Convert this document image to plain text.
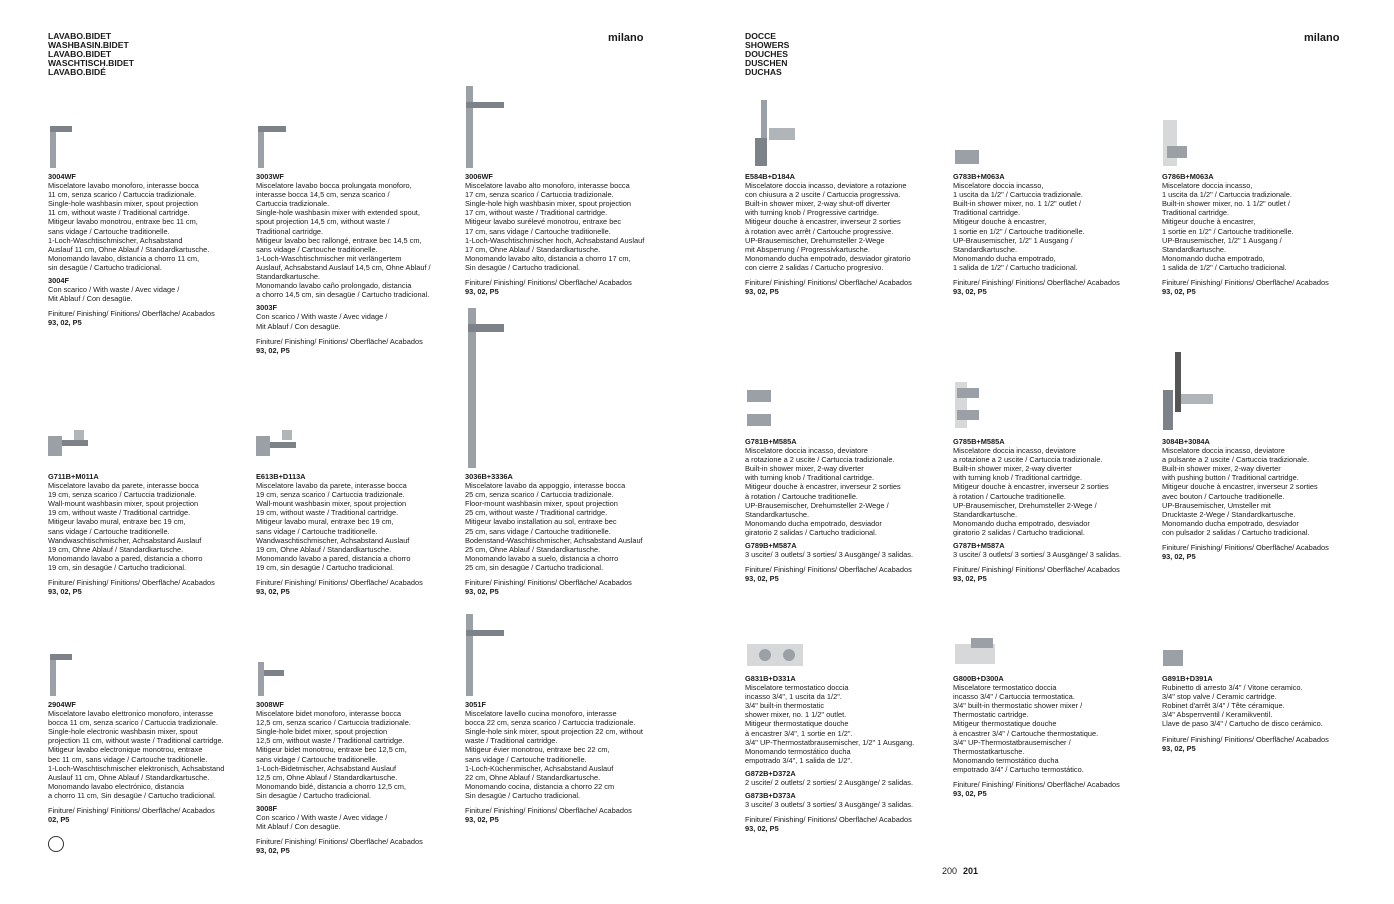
LAVABO.BIDET
WASHBASIN.BIDET
LAVABO.BIDET
WASCHTISCH.BIDET
LAVABO.BIDÉ
milano	DOCCE
SHOWERS
DOUCHES
DUSCHEN
DUCHAS
milano
3004WF
Miscelatore lavabo monoforo, interasse bocca
11 cm, senza scarico / Cartuccia tradizionale.
Single-hole washbasin mixer, spout projection
11 cm, without waste / Traditional cartridge.
Mitigeur lavabo monotrou, entraxe bec 11 cm,
sans vidage / Cartouche traditionelle.
1-Loch-Waschtischmischer, Achsabstand
Auslauf 11 cm, Ohne Ablauf / Standardkartusche.
Monomando lavabo, distancia a chorro 11 cm,
sin desagüe / Cartucho tradicional.
3004F
Con scarico / With waste / Avec vidage /
Mit Ablauf / Con desagüe.
Finiture/ Finishing/ Finitions/ Oberfläche/ Acabados
93, 02, P5
3003WF
Miscelatore lavabo bocca prolungata monoforo,
interasse bocca 14,5 cm, senza scarico /
Cartuccia tradizionale.
Single-hole washbasin mixer with extended spout,
spout projection 14,5 cm, without waste /
Traditional cartridge.
Mitigeur lavabo bec rallongé, entraxe bec 14,5 cm,
sans vidage / Cartouche traditionelle.
1-Loch-Waschtischmischer mit verlängertem
Auslauf, Achsabstand Auslauf 14,5 cm, Ohne Ablauf /
Standardkartusche.
Monomando lavabo caño prolongado, distancia
a chorro 14,5 cm, sin desagüe / Cartucho tradicional.
3003F
Con scarico / With waste / Avec vidage /
Mit Ablauf / Con desagüe.
Finiture/ Finishing/ Finitions/ Oberfläche/ Acabados
93, 02, P5
3006WF
Miscelatore lavabo alto monoforo, interasse bocca
17 cm, senza scarico / Cartuccia tradizionale.
Single-hole high washbasin mixer, spout projection
17 cm, without waste / Traditional cartridge.
Mitigeur lavabo surélevé monotrou, entraxe bec
17 cm, sans vidage / Cartouche traditionelle.
1-Loch-Waschtischmischer hoch, Achsabstand Auslauf
17 cm, Ohne Ablauf / Standardkartusche.
Monomando lavabo alto, distancia a chorro 17 cm,
Sin desagüe / Cartucho tradicional.
Finiture/ Finishing/ Finitions/ Oberfläche/ Acabados
93, 02, P5
G711B+M011A
Miscelatore lavabo da parete, interasse bocca
19 cm, senza scarico / Cartuccia tradizionale.
Wall-mount washbasin mixer, spout projection
19 cm, without waste / Traditional cartridge.
Mitigeur lavabo mural, entraxe bec 19 cm,
sans vidage / Cartouche traditionelle.
Wandwaschtischmischer, Achsabstand Auslauf
19 cm, Ohne Ablauf / Standardkartusche.
Monomando lavabo a pared, distancia a chorro
19 cm, sin desagüe / Cartucho tradicional.
Finiture/ Finishing/ Finitions/ Oberfläche/ Acabados
93, 02, P5
E613B+D113A
Miscelatore lavabo da parete, interasse bocca
19 cm, senza scarico / Cartuccia tradizionale.
Wall-mount washbasin mixer, spout projection
19 cm, without waste / Traditional cartridge.
Mitigeur lavabo mural, entraxe bec 19 cm,
sans vidage / Cartouche traditionelle.
Wandwaschtischmischer, Achsabstand Auslauf
19 cm, Ohne Ablauf / Standardkartusche.
Monomando lavabo a pared, distancia a chorro
19 cm, sin desagüe / Cartucho tradicional.
Finiture/ Finishing/ Finitions/ Oberfläche/ Acabados
93, 02, P5
3036B+3336A
Miscelatore lavabo da appoggio, interasse bocca
25 cm, senza scarico / Cartuccia tradizionale.
Floor-mount washbasin mixer, spout projection
25 cm, without waste / Traditional cartridge.
Mitigeur lavabo installation au sol, entraxe bec
25 cm, sans vidage / Cartouche traditionelle.
Bodenstand-Waschtischmischer, Achsabstand Auslauf
25 cm, Ohne Ablauf / Standardkartusche.
Monomando lavabo a suelo, distancia a chorro
25 cm, sin desagüe / Cartucho tradicional.
Finiture/ Finishing/ Finitions/ Oberfläche/ Acabados
93, 02, P5
2904WF
Miscelatore lavabo elettronico monoforo, interasse
bocca 11 cm, senza scarico / Cartuccia tradizionale.
Single-hole electronic washbasin mixer, spout
projection 11 cm, without waste / Traditional cartridge.
Mitigeur lavabo electronique monotrou, entraxe
bec 11 cm, sans vidage / Cartouche traditionelle.
1-Loch-Waschtischmischer elektronisch, Achsabstand
Auslauf 11 cm, Ohne Ablauf / Standardkartusche.
Monomando lavabo electrónico, distancia
a chorro 11 cm, Sin desagüe / Cartucho tradicional.
Finiture/ Finishing/ Finitions/ Oberfläche/ Acabados
02, P5
3008WF
Miscelatore bidet monoforo, interasse bocca
12,5 cm, senza scarico / Cartuccia tradizionale.
Single-hole bidet mixer, spout projection
12,5 cm, without waste / Traditional cartridge.
Mitigeur bidet monotrou, entraxe bec 12,5 cm,
sans vidage / Cartouche traditionelle.
1-Loch-Bidetmischer, Achsabstand Auslauf
12,5 cm, Ohne Ablauf / Standardkartusche.
Monomando bidé, distancia a chorro 12,5 cm,
Sin desagüe / Cartucho tradicional.
3008F
Con scarico / With waste / Avec vidage /
Mit Ablauf / Con desagüe.
Finiture/ Finishing/ Finitions/ Oberfläche/ Acabados
93, 02, P5
3051F
Miscelatore lavello cucina monoforo, interasse
bocca 22 cm, senza scarico / Cartuccia tradizionale.
Single-hole sink mixer, spout projection 22 cm, without
waste / Traditional cartridge.
Mitigeur évier monotrou, entraxe bec 22 cm,
sans vidage / Cartouche traditionelle.
1-Loch-Küchenmischer, Achsabstand Auslauf
22 cm, Ohne Ablauf / Standardkartusche.
Monomando cocina, distancia a chorro 22 cm
Sin desagüe / Cartucho tradicional.
Finiture/ Finishing/ Finitions/ Oberfläche/ Acabados
93, 02, P5
E584B+D184A
Miscelatore doccia incasso, deviatore a rotazione
con chiusura a 2 uscite / Cartuccia progressiva.
Built-in shower mixer, 2-way shut-off diverter
with turning knob / Progressive cartridge.
Mitigeur douche à encastrer, inverseur 2 sorties
à rotation avec arrêt / Cartouche progressive.
UP-Brausemischer, Drehumsteller 2-Wege
mit Absperrung / Progressivkartusche.
Monomando ducha empotrado, desviador giratorio
con cierre 2 salidas / Cartucho progresivo.
Finiture/ Finishing/ Finitions/ Oberfläche/ Acabados
93, 02, P5
G783B+M063A
Miscelatore doccia incasso,
1 uscita da 1/2" / Cartuccia tradizionale.
Built-in shower mixer, no. 1 1/2" outlet /
Traditional cartridge.
Mitigeur douche à encastrer,
1 sortie en 1/2" / Cartouche traditionelle.
UP-Brausemischer, 1/2" 1 Ausgang /
Standardkartusche.
Monomando ducha empotrado,
1 salida de 1/2" / Cartucho tradicional.
Finiture/ Finishing/ Finitions/ Oberfläche/ Acabados
93, 02, P5
G786B+M063A
Miscelatore doccia incasso,
1 uscita da 1/2" / Cartuccia tradizionale.
Built-in shower mixer, no. 1 1/2" outlet /
Traditional cartridge.
Mitigeur douche à encastrer,
1 sortie en 1/2" / Cartouche traditionelle.
UP-Brausemischer, 1/2" 1 Ausgang /
Standardkartusche.
Monomando ducha empotrado,
1 salida de 1/2" / Cartucho tradicional.
Finiture/ Finishing/ Finitions/ Oberfläche/ Acabados
93, 02, P5
G781B+M585A
Miscelatore doccia incasso, deviatore
a rotazione a 2 uscite / Cartuccia tradizionale.
Built-in shower mixer, 2-way diverter
with turning knob / Traditional cartridge.
Mitigeur douche à encastrer, inverseur 2 sorties
à rotation / Cartouche traditionelle.
UP-Brausemischer, Drehumsteller 2-Wege /
Standardkartusche.
Monomando ducha empotrado, desviador
giratorio 2 salidas / Cartucho tradicional.
G789B+M587A
3 uscite/ 3 outlets/ 3 sorties/ 3 Ausgänge/ 3 salidas.
Finiture/ Finishing/ Finitions/ Oberfläche/ Acabados
93, 02, P5
G785B+M585A
Miscelatore doccia incasso, deviatore
a rotazione a 2 uscite / Cartuccia tradizionale.
Built-in shower mixer, 2-way diverter
with turning knob / Traditional cartridge.
Mitigeur douche à encastrer, inverseur 2 sorties
à rotation / Cartouche traditionelle.
UP-Brausemischer, Drehumsteller 2-Wege /
Standardkartusche.
Monomando ducha empotrado, desviador
giratorio 2 salidas / Cartucho tradicional.
G787B+M587A
3 uscite/ 3 outlets/ 3 sorties/ 3 Ausgänge/ 3 salidas.
Finiture/ Finishing/ Finitions/ Oberfläche/ Acabados
93, 02, P5
3084B+3084A
Miscelatore doccia incasso, deviatore
a pulsante a 2 uscite / Cartuccia tradizionale.
Built-in shower mixer, 2-way diverter
with pushing button / Traditional cartridge.
Mitigeur douche à encastrer, inverseur 2 sorties
avec bouton / Cartouche traditionelle.
UP-Brausemischer, Umsteller mit
Drucktaste 2-Wege / Standardkartusche.
Monomando ducha empotrado, desviador
con pulsador 2 salidas / Cartucho tradicional.
Finiture/ Finishing/ Finitions/ Oberfläche/ Acabados
93, 02, P5
G831B+D331A
Miscelatore termostatico doccia
incasso 3/4", 1 uscita da 1/2".
3/4" built-in thermostatic
shower mixer, no. 1 1/2" outlet.
Mitigeur thermostatique douche
à encastrer 3/4", 1 sortie en 1/2".
3/4" UP-Thermostatbrausemischer, 1/2" 1 Ausgang.
Monomando termostático ducha
empotrado 3/4", 1 salida de 1/2".
G872B+D372A
2 uscite/ 2 outlets/ 2 sorties/ 2 Ausgänge/ 2 salidas.
G873B+D373A
3 uscite/ 3 outlets/ 3 sorties/ 3 Ausgänge/ 3 salidas.
Finiture/ Finishing/ Finitions/ Oberfläche/ Acabados
93, 02, P5
G800B+D300A
Miscelatore termostatico doccia
incasso 3/4" / Cartuccia termostatica.
3/4" built-in thermostatic shower mixer /
Thermostatic cartridge.
Mitigeur thermostatique douche
à encastrer 3/4" / Cartouche thermostatique.
3/4" UP-Thermostatbrausemischer /
Thermostatkartusche.
Monomando termostático ducha
empotrado 3/4" / Cartucho termostático.
Finiture/ Finishing/ Finitions/ Oberfläche/ Acabados
93, 02, P5
G891B+D391A
Rubinetto di arresto 3/4" / Vitone ceramico.
3/4" stop valve / Ceramic cartridge.
Robinet d'arrêt 3/4" / Tête céramique.
3/4" Absperrventil / Keramikventil.
Llave de paso 3/4" / Cartucho de disco cerámico.
Finiture/ Finishing/ Finitions/ Oberfläche/ Acabados
93, 02, P5
200 201
